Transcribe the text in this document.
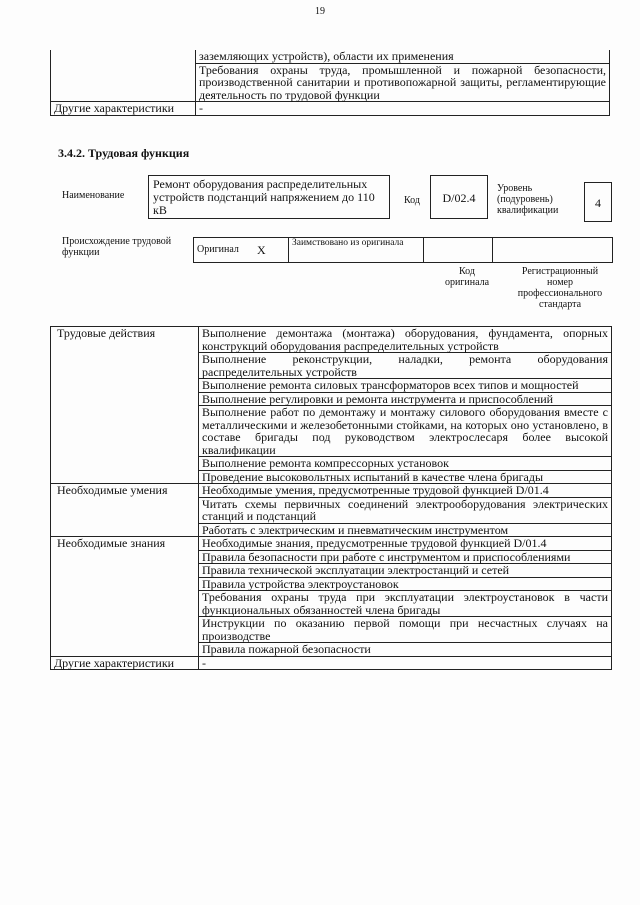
19
	заземляющих устройств), области их применения
	Требования охраны труда, промышленной и пожарной безопасности, производственной санитарии и противопожарной защиты, регламентирующие деятельность по трудовой функции
Другие характеристики	-
3.4.2. Трудовая функция
Наименование
Ремонт оборудования распределительных устройств подстанций напряжением до 110 кВ
Код	D/02.4
Уровень (подуровень) квалификации
4
Происхождение трудовой функции	Оригинал	X	Заимствовано из оригинала		
Код оригинала
Регистрационный номер профессионального стандарта
Трудовые действия	Выполнение демонтажа (монтажа) оборудования, фундамента, опорных конструкций оборудования распределительных устройств
	Выполнение реконструкции, наладки, ремонта оборудования распределительных устройств
	Выполнение ремонта силовых трансформаторов всех типов и мощностей
	Выполнение регулировки и ремонта инструмента и приспособлений
	Выполнение работ по демонтажу и монтажу силового оборудования вместе с металлическими и железобетонными стойками, на которых оно установлено, в составе бригады под руководством электрослесаря более высокой квалификации
	Выполнение ремонта компрессорных установок
	Проведение высоковольтных испытаний в качестве члена бригады
Необходимые умения	Необходимые умения, предусмотренные трудовой функцией D/01.4
	Читать схемы первичных соединений электрооборудования электрических станций и подстанций
	Работать с электрическим и пневматическим инструментом
Необходимые знания	Необходимые знания, предусмотренные трудовой функцией D/01.4
	Правила безопасности при работе с инструментом и приспособлениями
	Правила технической эксплуатации электростанций и сетей
	Правила устройства электроустановок
	Требования охраны труда при эксплуатации электроустановок в части функциональных обязанностей члена бригады
	Инструкции по оказанию первой помощи при несчастных случаях на производстве
	Правила пожарной безопасности
Другие характеристики	-
